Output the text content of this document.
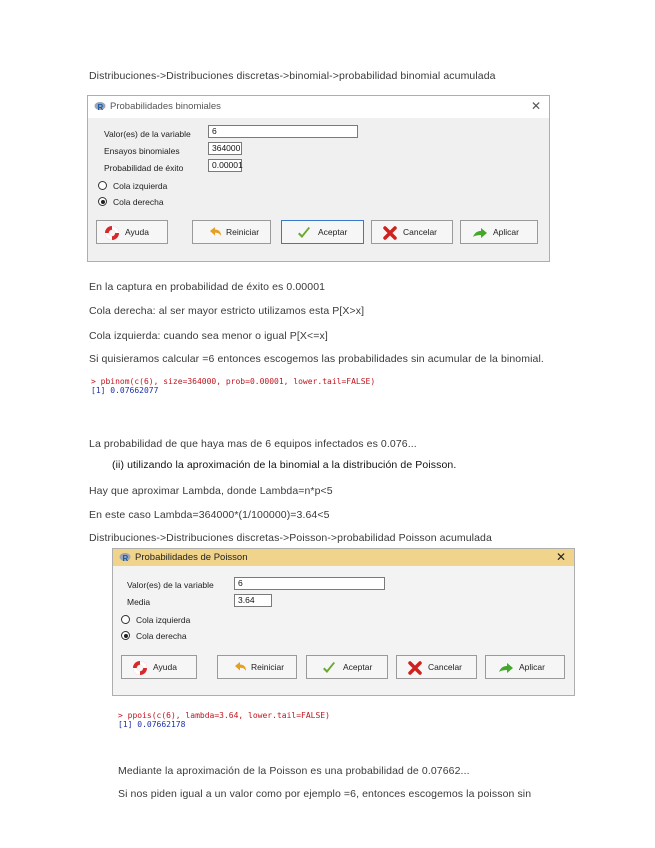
Distribuciones->Distribuciones discretas->binomial->probabilidad binomial acumulada
R Probabilidades binomiales	✕
Valor(es) de la variable	6
Ensayos binomiales	364000
Probabilidad de éxito	0.00001
Cola izquierda
Cola derecha
Ayuda	Reiniciar	Aceptar	Cancelar	Aplicar
En la captura en probabilidad de éxito es 0.00001
Cola derecha: al ser mayor estricto utilizamos esta P[X>x]
Cola izquierda: cuando sea menor o igual P[X<=x]
Si quisieramos calcular =6 entonces escogemos las probabilidades sin acumular de la binomial.
> pbinom(c(6), size=364000, prob=0.00001, lower.tail=FALSE)
[1] 0.07662077
La probabilidad de que haya mas de 6 equipos infectados es 0.076...
(ii) utilizando la aproximación de la binomial a la distribución de Poisson.
Hay que aproximar Lambda, donde Lambda=n*p<5
En este caso Lambda=364000*(1/100000)=3.64<5
Distribuciones->Distribuciones discretas->Poisson->probabilidad Poisson acumulada
R Probabilidades de Poisson	✕
Valor(es) de la variable	6
Media	3.64
Cola izquierda
Cola derecha
Ayuda	Reiniciar	Aceptar	Cancelar	Aplicar
> ppois(c(6), lambda=3.64, lower.tail=FALSE)
[1] 0.07662178
Mediante la aproximación de la Poisson es una probabilidad de 0.07662...
Si nos piden igual a un valor como por ejemplo =6, entonces escogemos la poisson sin
